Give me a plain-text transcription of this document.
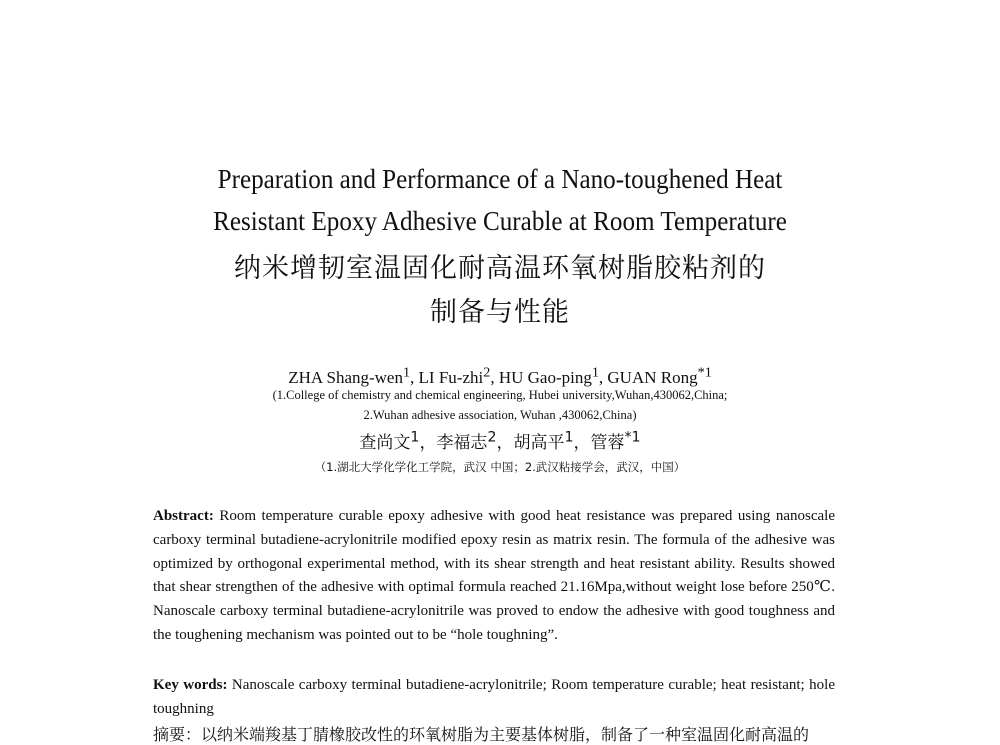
Preparation and Performance of a Nano-toughened Heat
Resistant Epoxy Adhesive Curable at Room Temperature
纳米增韧室温固化耐高温环氧树脂胶粘剂的
制备与性能
ZHA Shang-wen$^1$, LI Fu-zhi$^2$, HU Gao-ping$^1$, GUAN Rong$^{*1}$
(1.College of chemistry and chemical engineering, Hubei university,Wuhan,430062,China;
2.Wuhan adhesive association, Wuhan ,430062,China)
查尚文$^1$，李福志$^2$，胡高平$^1$，管蓉$^{*1}$
（1.湖北大学化学化工学院，武汉 中国；2.武汉粘接学会，武汉，中国）
Abstract: Room temperature curable epoxy adhesive with good heat resistance was prepared using nanoscale carboxy terminal butadiene-acrylonitrile modified epoxy resin as matrix resin. The formula of the adhesive was optimized by orthogonal experimental method, with its shear strength and heat resistant ability. Results showed that shear strengthen of the adhesive with optimal formula reached 21.16Mpa,without weight lose before 250℃. Nanoscale carboxy terminal butadiene-acrylonitrile was proved to endow the adhesive with good toughness and the toughening mechanism was pointed out to be “hole toughning”.
Key words: Nanoscale carboxy terminal butadiene-acrylonitrile; Room temperature curable; heat resistant; hole toughning
摘要：以纳米端羧基丁腈橡胶改性的环氧树脂为主要基体树脂，制备了一种室温固化耐高温的
